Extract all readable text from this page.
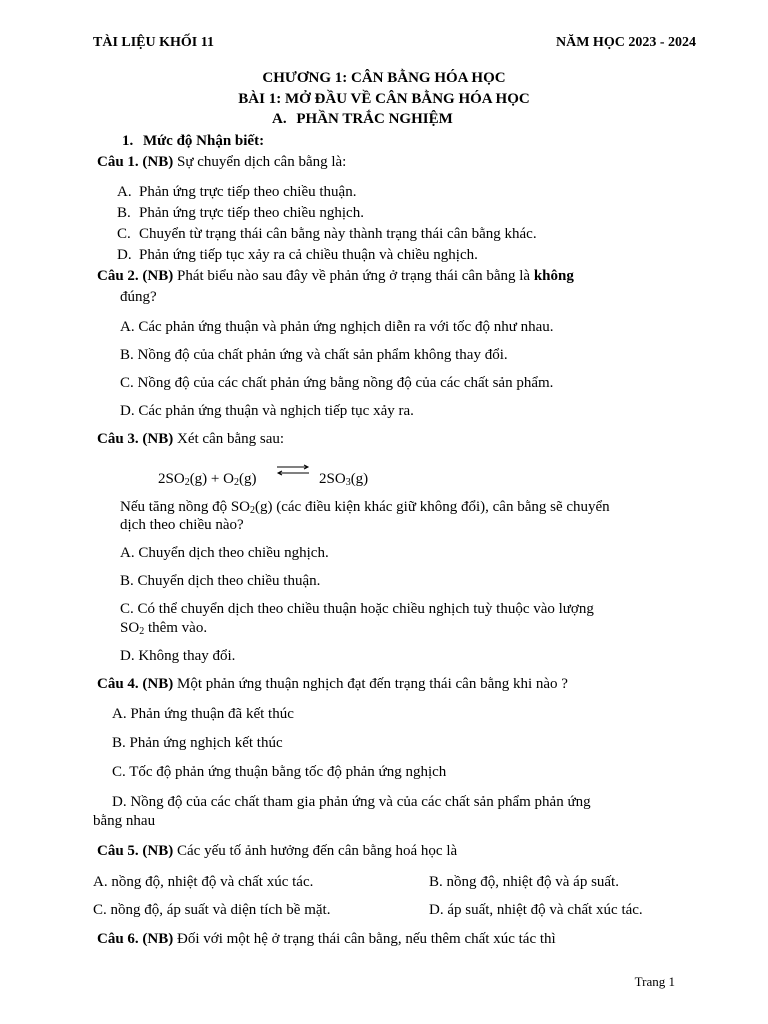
TÀI LIỆU KHỐI 11	NĂM HỌC 2023 - 2024
CHƯƠNG 1: CÂN BẰNG HÓA HỌC
BÀI 1: MỞ ĐẦU VỀ CÂN BẰNG HÓA HỌC
A. PHẦN TRẮC NGHIỆM
1. Mức độ Nhận biết:
Câu 1. (NB) Sự chuyển dịch cân bằng là:
A. Phản ứng trực tiếp theo chiều thuận.
B. Phản ứng trực tiếp theo chiều nghịch.
C. Chuyển từ trạng thái cân bằng này thành trạng thái cân bằng khác.
D. Phản ứng tiếp tục xảy ra cả chiều thuận và chiều nghịch.
Câu 2. (NB) Phát biểu nào sau đây về phản ứng ở trạng thái cân bằng là không
đúng?
A. Các phản ứng thuận và phản ứng nghịch diễn ra với tốc độ như nhau.
B. Nồng độ của chất phản ứng và chất sản phẩm không thay đổi.
C. Nồng độ của các chất phản ứng bằng nồng độ của các chất sản phẩm.
D. Các phản ứng thuận và nghịch tiếp tục xảy ra.
Câu 3. (NB) Xét cân bằng sau:
$2SO_2(g) + O_2(g)$	$2SO_3(g)$
Nếu tăng nồng độ $SO_2(g)$ (các điều kiện khác giữ không đổi), cân bằng sẽ chuyển
dịch theo chiều nào?
A. Chuyển dịch theo chiều nghịch.
B. Chuyển dịch theo chiều thuận.
C. Có thể chuyển dịch theo chiều thuận hoặc chiều nghịch tuỳ thuộc vào lượng
$SO_2$ thêm vào.
D. Không thay đổi.
Câu 4. (NB) Một phản ứng thuận nghịch đạt đến trạng thái cân bằng khi nào ?
A. Phản ứng thuận đã kết thúc
B. Phản ứng nghịch kết thúc
C. Tốc độ phản ứng thuận bằng tốc độ phản ứng nghịch
D. Nồng độ của các chất tham gia phản ứng và của các chất sản phẩm phản ứng
bằng nhau
Câu 5. (NB) Các yếu tố ảnh hưởng đến cân bằng hoá học là
A. nồng độ, nhiệt độ và chất xúc tác.	B. nồng độ, nhiệt độ và áp suất.
C. nồng độ, áp suất và diện tích bề mặt.	D. áp suất, nhiệt độ và chất xúc tác.
Câu 6. (NB) Đối với một hệ ở trạng thái cân bằng, nếu thêm chất xúc tác thì
Trang 1
